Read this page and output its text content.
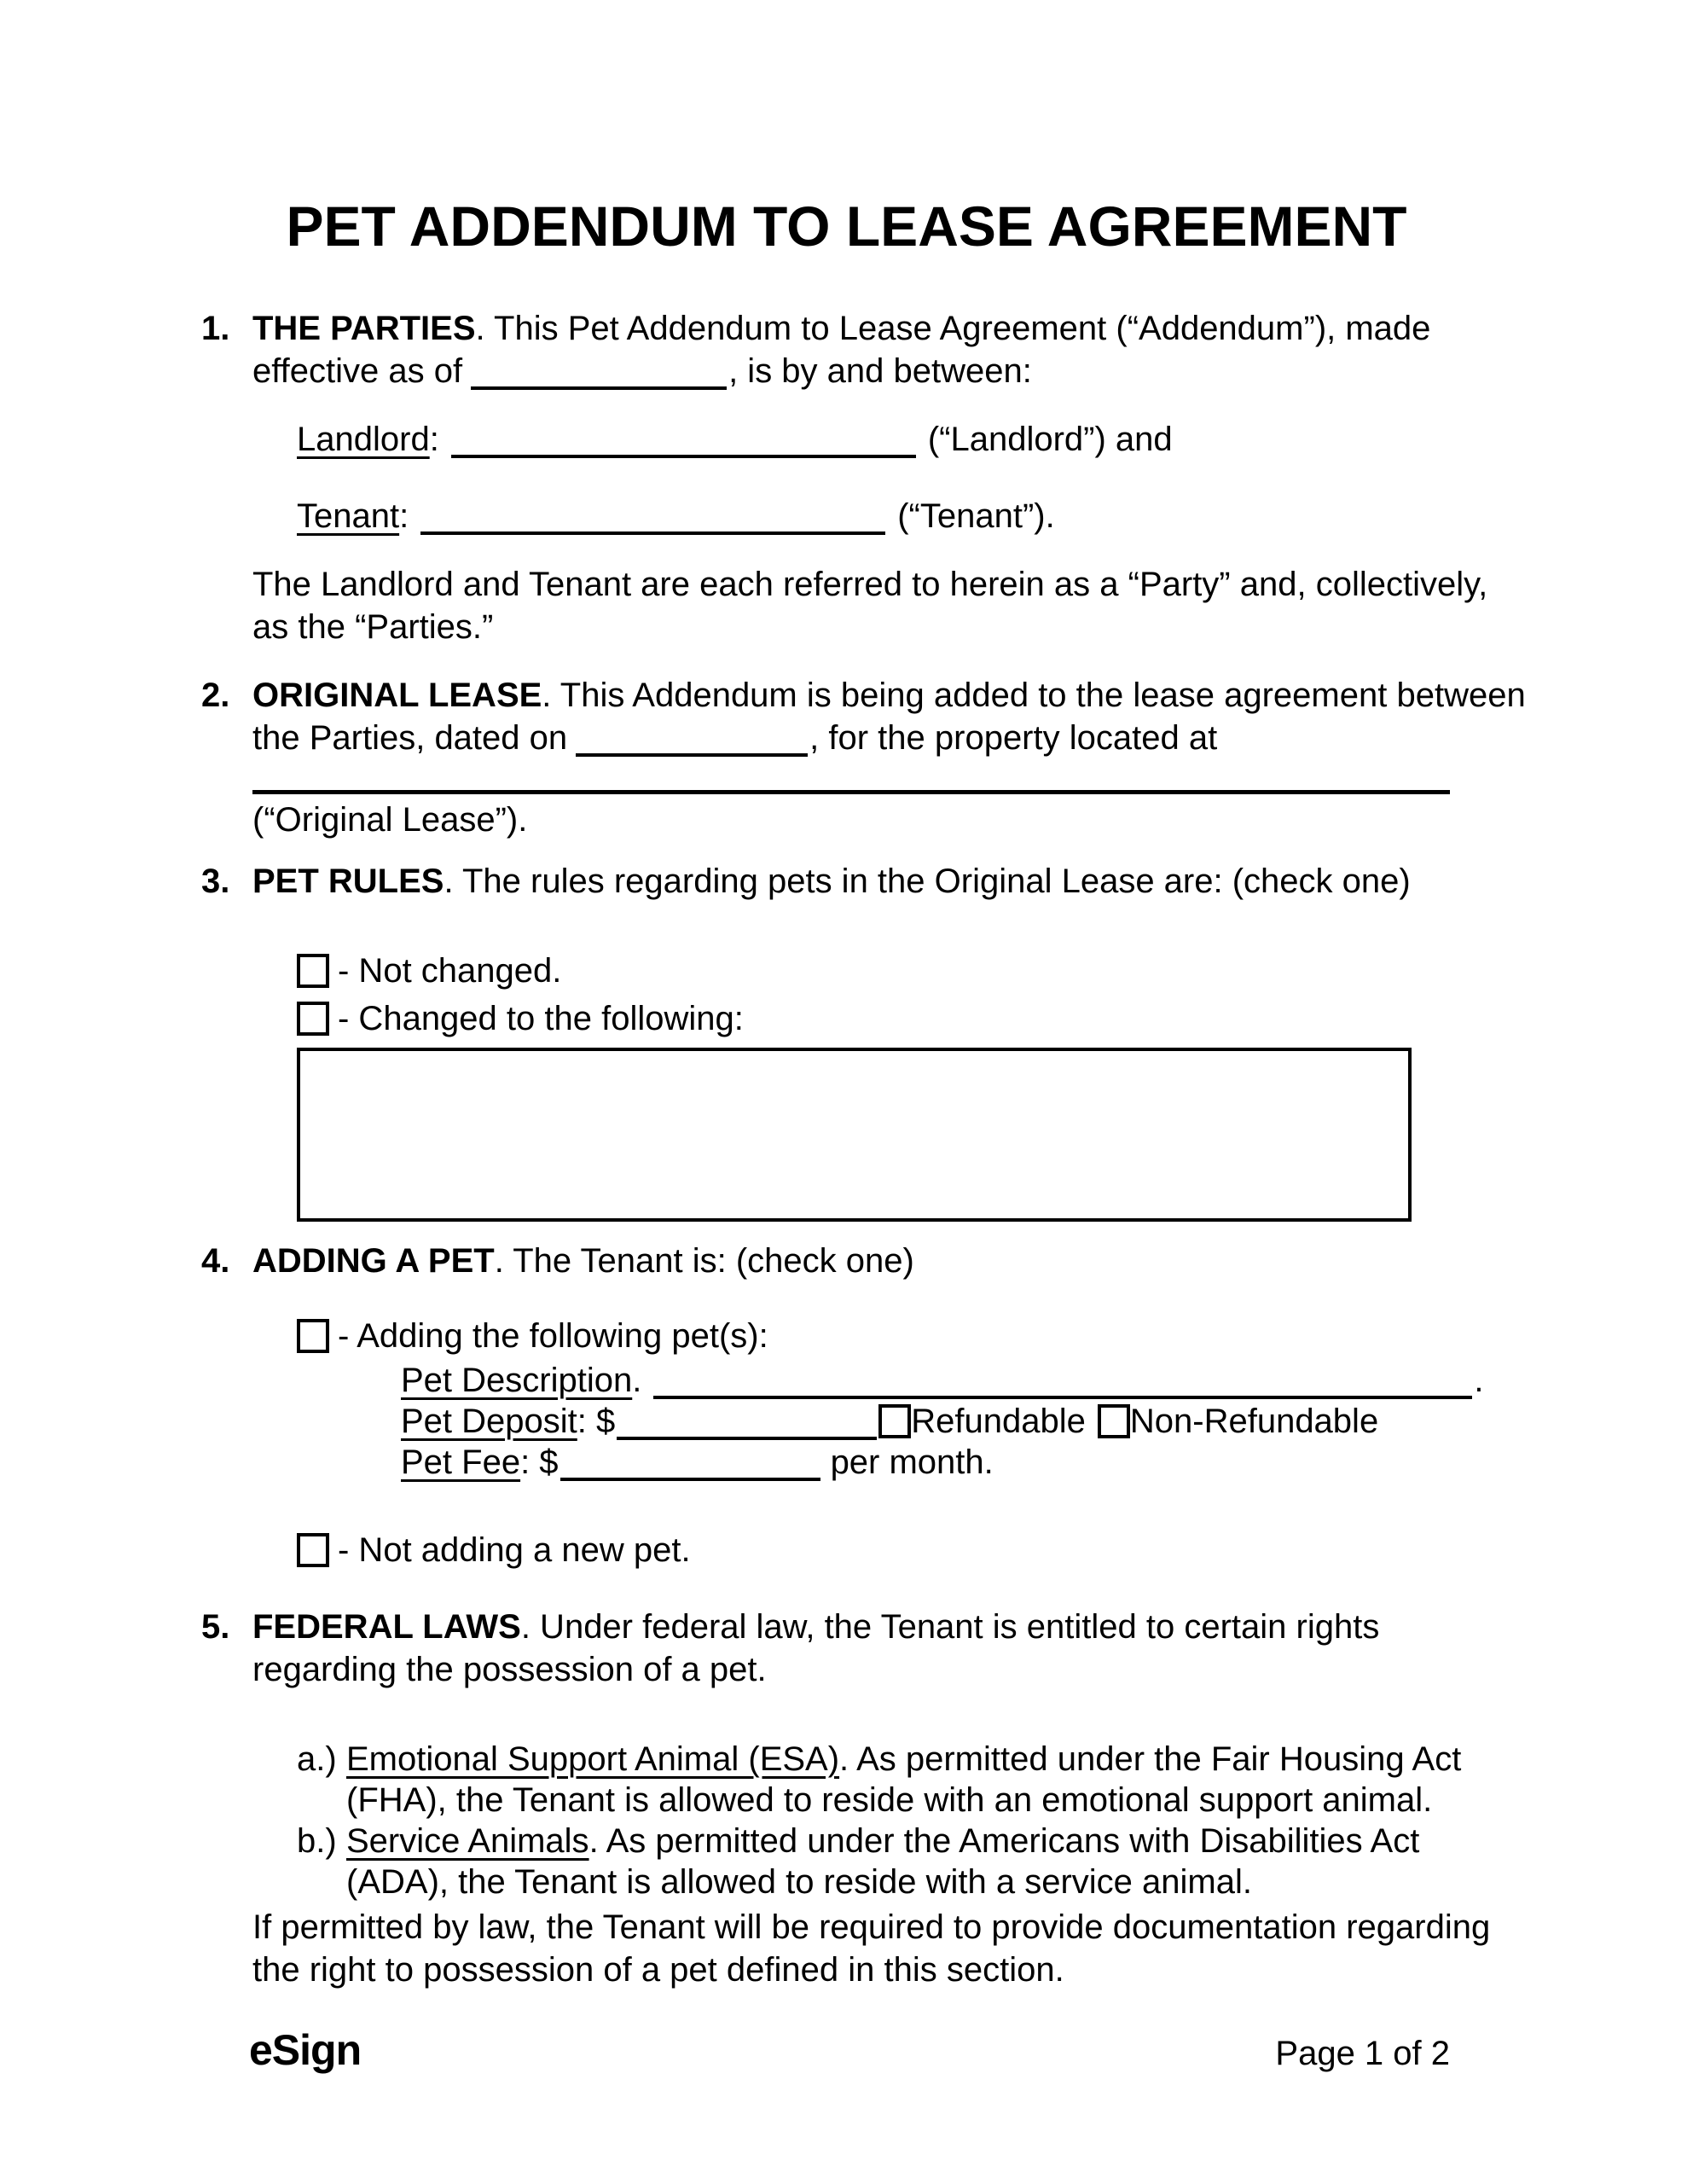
PET ADDENDUM TO LEASE AGREEMENT
1. THE PARTIES. This Pet Addendum to Lease Agreement (“Addendum”), made
effective as of	, is by and between:
Landlord:	(“Landlord”) and
Tenant:	(“Tenant”).
The Landlord and Tenant are each referred to herein as a “Party” and, collectively,
as the “Parties.”
2. ORIGINAL LEASE. This Addendum is being added to the lease agreement between
the Parties, dated on	, for the property located at
(“Original Lease”).
3. PET RULES. The rules regarding pets in the Original Lease are: (check one)
- Not changed.
- Changed to the following:
4. ADDING A PET. The Tenant is: (check one)
- Adding the following pet(s):
Pet Description.	.
Pet Deposit: $	Refundable Non-Refundable
Pet Fee: $	per month.
- Not adding a new pet.
5. FEDERAL LAWS. Under federal law, the Tenant is entitled to certain rights
regarding the possession of a pet.
a.) Emotional Support Animal (ESA). As permitted under the Fair Housing Act
(FHA), the Tenant is allowed to reside with an emotional support animal.
b.) Service Animals. As permitted under the Americans with Disabilities Act
(ADA), the Tenant is allowed to reside with a service animal.
If permitted by law, the Tenant will be required to provide documentation regarding
the right to possession of a pet defined in this section.
eSign	Page 1 of 2
